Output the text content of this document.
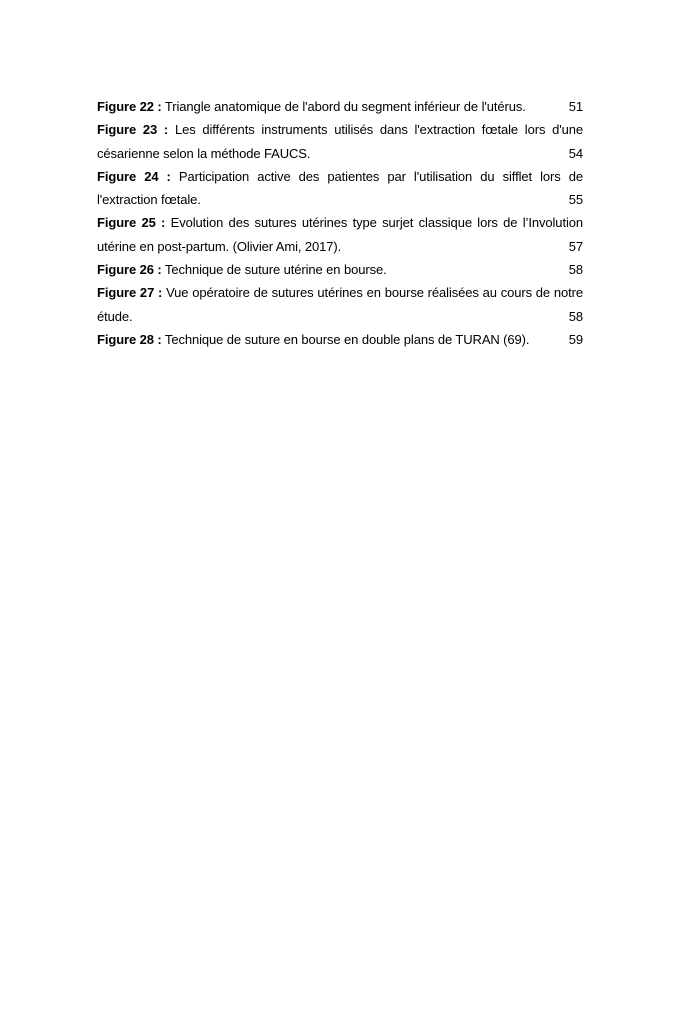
Figure 22 : Triangle anatomique de l'abord du segment inférieur de l'utérus.	51

Figure 23 : Les différents instruments utilisés dans l'extraction fœtale lors d'une césarienne selon la méthode FAUCS.	54

Figure 24 : Participation active des patientes par l'utilisation du sifflet lors de l'extraction fœtale.	55

Figure 25 : Evolution des sutures utérines type surjet classique lors de l’Involution utérine en post-partum. (Olivier Ami, 2017).	57

Figure 26 : Technique de suture utérine en bourse.	58

Figure 27 : Vue opératoire de sutures utérines en bourse réalisées au cours de notre étude.	58

Figure 28 : Technique de suture en bourse en double plans de TURAN (69).	59
